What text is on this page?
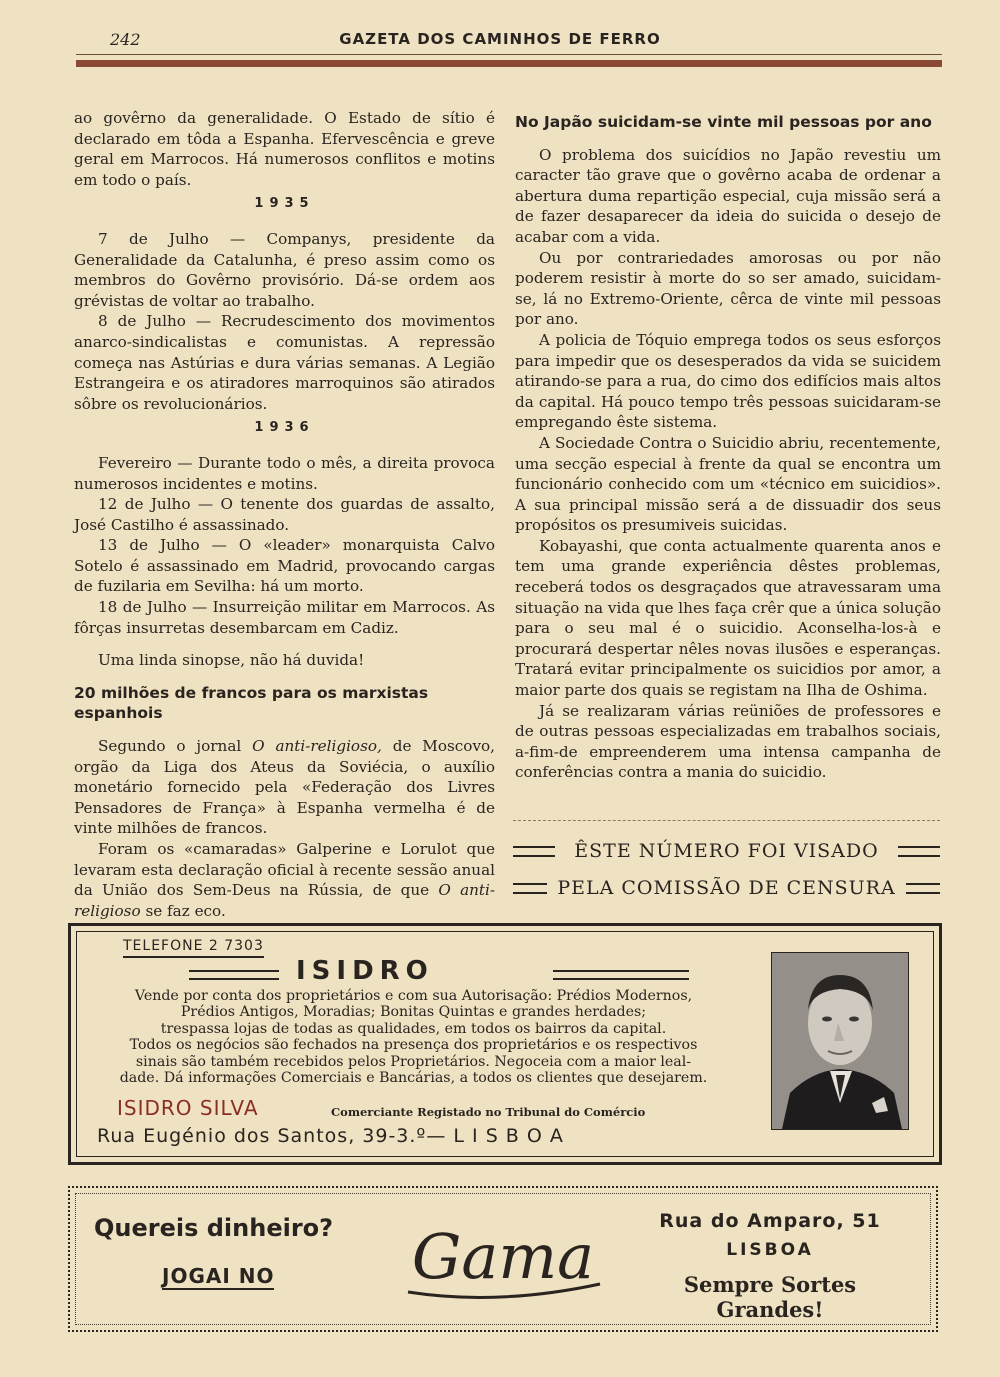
242	GAZETA DOS CAMINHOS DE FERRO

ao govêrno da generalidade. O Estado de sítio é declarado em tôda a Espanha. Efervescência e greve geral em Marrocos. Há numerosos conflitos e motins em todo o país.

1935

7 de Julho — Companys, presidente da Generalidade da Catalunha, é preso assim como os membros do Govêrno provisório. Dá-se ordem aos grévistas de voltar ao trabalho.

8 de Julho — Recrudescimento dos movimentos anarco-sindicalistas e comunistas. A repressão começa nas Astúrias e dura várias semanas. A Legião Estrangeira e os atiradores marroquinos são atirados sôbre os revolucionários.

1936

Fevereiro — Durante todo o mês, a direita provoca numerosos incidentes e motins.

12 de Julho — O tenente dos guardas de assalto, José Castilho é assassinado.

13 de Julho — O «leader» monarquista Calvo Sotelo é assassinado em Madrid, provocando cargas de fuzilaria em Sevilha: há um morto.

18 de Julho — Insurreição militar em Marrocos. As fôrças insurretas desembarcam em Cadiz.

Uma linda sinopse, não há duvida!

20 milhões de francos para os marxistas espanhois

Segundo o jornal O anti-religioso, de Moscovo, orgão da Liga dos Ateus da Soviécia, o auxílio monetário fornecido pela «Federação dos Livres Pensadores de França» à Espanha vermelha é de vinte milhões de francos.

Foram os «camaradas» Galperine e Lorulot que levaram esta declaração oficial à recente sessão anual da União dos Sem-Deus na Rússia, de que O anti-religioso se faz eco.

No Japão suicidam-se vinte mil pessoas por ano

O problema dos suicídios no Japão revestiu um caracter tão grave que o govêrno acaba de ordenar a abertura duma repartição especial, cuja missão será a de fazer desaparecer da ideia do suicida o desejo de acabar com a vida.

Ou por contrariedades amorosas ou por não poderem resistir à morte do so ser amado, suicidam-se, lá no Extremo-Oriente, cêrca de vinte mil pessoas por ano.

A policia de Tóquio emprega todos os seus esforços para impedir que os desesperados da vida se suicidem atirando-se para a rua, do cimo dos edifícios mais altos da capital. Há pouco tempo três pessoas suicidaram-se empregando êste sistema.

A Sociedade Contra o Suicidio abriu, recentemente, uma secção especial à frente da qual se encontra um funcionário conhecido com um «técnico em suicidios». A sua principal missão será a de dissuadir dos seus propósitos os presumiveis suicidas.

Kobayashi, que conta actualmente quarenta anos e tem uma grande experiência dêstes problemas, receberá todos os desgraçados que atravessaram uma situação na vida que lhes faça crêr que a única solução para o seu mal é o suicidio. Aconselha-los-à e procurará despertar nêles novas ilusões e esperanças. Tratará evitar principalmente os suicidios por amor, a maior parte dos quais se registam na Ilha de Oshima.

Já se realizaram várias reüniões de professores e de outras pessoas especializadas em trabalhos sociais, a-fim-de empreenderem uma intensa campanha de conferências contra a mania do suicidio.

ÊSTE NÚMERO FOI VISADO
PELA COMISSÃO DE CENSURA
TELEFONE 2 7303
ISIDRO
Vende por conta dos proprietários e com sua Autorisação: Prédios Modernos,
Prédios Antigos, Moradias; Bonitas Quintas e grandes herdades;
trespassa lojas de todas as qualidades, em todos os bairros da capital.
Todos os negócios são fechados na presença dos proprietários e os respectivos
sinais são também recebidos pelos Proprietários. Negoceia com a maior leal-
dade. Dá informações Comerciais e Bancárias, a todos os clientes que desejarem.
ISIDRO SILVA	Comerciante Registado no Tribunal do Comércio
Rua Eugénio dos Santos, 39-3.º— L I S B O A
Quereis dinheiro?
JOGAI NO Gama	Rua do Amparo, 51
LISBOA
Sempre Sortes Grandes!
